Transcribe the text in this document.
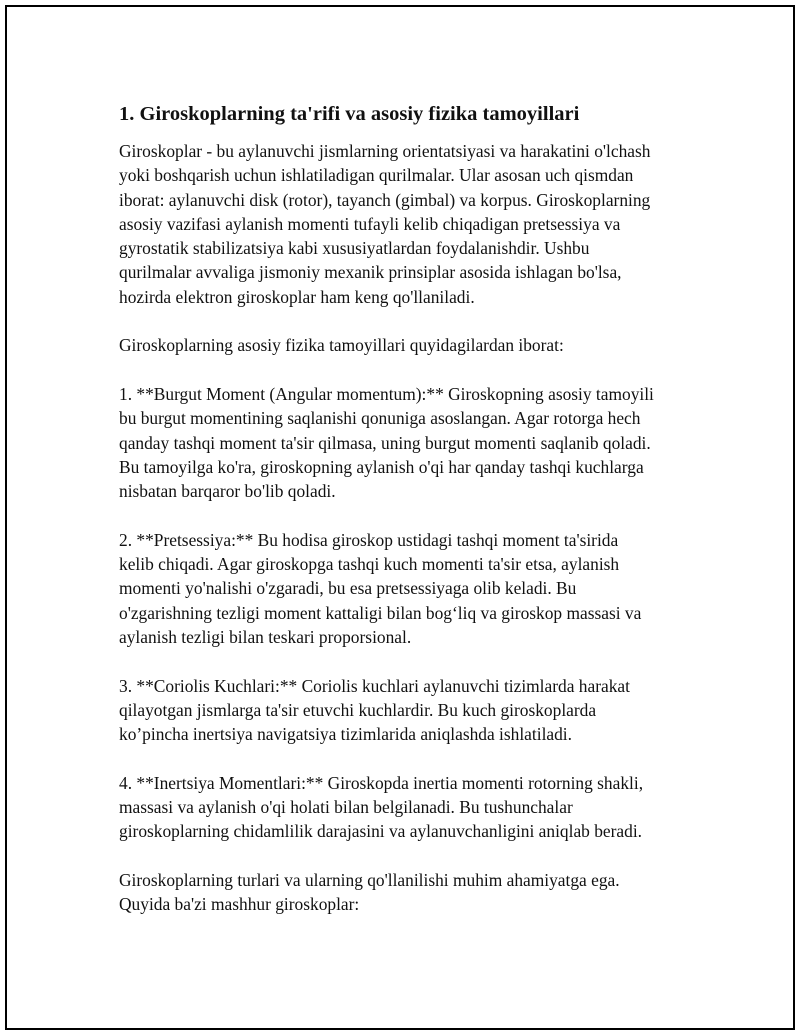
1. Giroskoplarning ta'rifi va asosiy fizika tamoyillari

Giroskoplar - bu aylanuvchi jismlarning orientatsiyasi va harakatini o'lchash
yoki boshqarish uchun ishlatiladigan qurilmalar. Ular asosan uch qismdan
iborat: aylanuvchi disk (rotor), tayanch (gimbal) va korpus. Giroskoplarning
asosiy vazifasi aylanish momenti tufayli kelib chiqadigan pretsessiya va
gyrostatik stabilizatsiya kabi xususiyatlardan foydalanishdir. Ushbu
qurilmalar avvaliga jismoniy mexanik prinsiplar asosida ishlagan bo'lsa,
hozirda elektron giroskoplar ham keng qo'llaniladi.

Giroskoplarning asosiy fizika tamoyillari quyidagilardan iborat:

1. **Burgut Moment (Angular momentum):** Giroskopning asosiy tamoyili
bu burgut momentining saqlanishi qonuniga asoslangan. Agar rotorga hech
qanday tashqi moment ta'sir qilmasa, uning burgut momenti saqlanib qoladi.
Bu tamoyilga ko'ra, giroskopning aylanish o'qi har qanday tashqi kuchlarga
nisbatan barqaror bo'lib qoladi.

2. **Pretsessiya:** Bu hodisa giroskop ustidagi tashqi moment ta'sirida
kelib chiqadi. Agar giroskopga tashqi kuch momenti ta'sir etsa, aylanish
momenti yo'nalishi o'zgaradi, bu esa pretsessiyaga olib keladi. Bu
o'zgarishning tezligi moment kattaligi bilan bog‘liq va giroskop massasi va
aylanish tezligi bilan teskari proporsional.

3. **Coriolis Kuchlari:** Coriolis kuchlari aylanuvchi tizimlarda harakat
qilayotgan jismlarga ta'sir etuvchi kuchlardir. Bu kuch giroskoplarda
ko’pincha inertsiya navigatsiya tizimlarida aniqlashda ishlatiladi.

4. **Inertsiya Momentlari:** Giroskopda inertia momenti rotorning shakli,
massasi va aylanish o'qi holati bilan belgilanadi. Bu tushunchalar
giroskoplarning chidamlilik darajasini va aylanuvchanligini aniqlab beradi.

Giroskoplarning turlari va ularning qo'llanilishi muhim ahamiyatga ega.
Quyida ba'zi mashhur giroskoplar:
